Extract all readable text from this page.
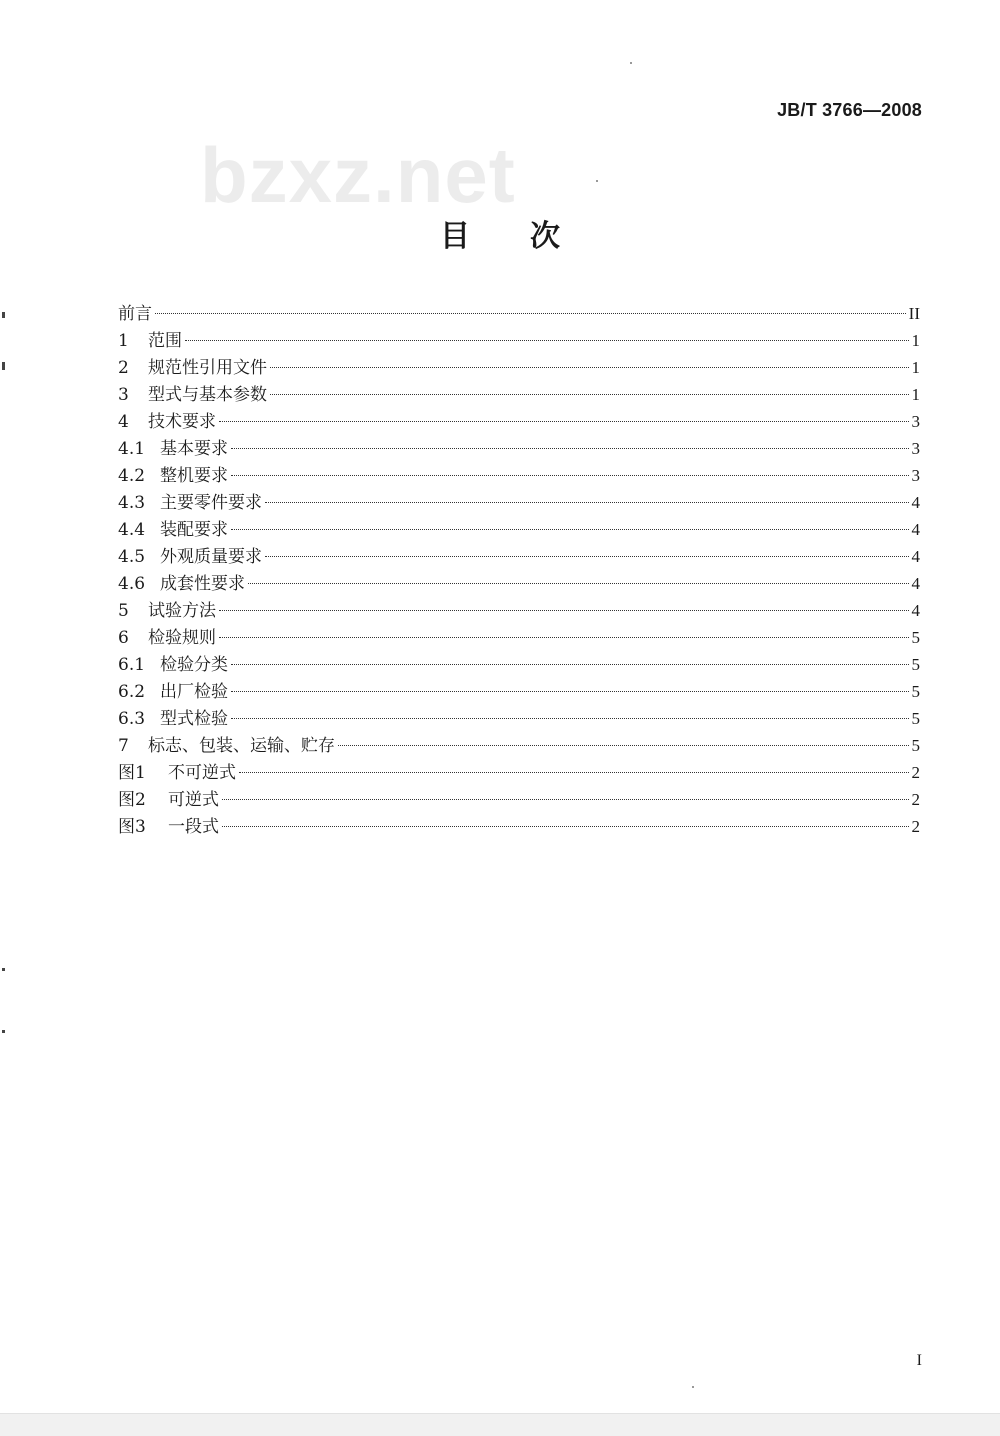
bzxz.net
JB/T 3766—2008
目　　次
前言	II
1	范围	1
2	规范性引用文件	1
3	型式与基本参数	1
4	技术要求	3
4.1 基本要求	3
4.2 整机要求	3
4.3 主要零件要求	4
4.4 装配要求	4
4.5 外观质量要求	4
4.6 成套性要求	4
5	试验方法	4
6	检验规则	5
6.1 检验分类	5
6.2 出厂检验	5
6.3 型式检验	5
7	标志、包装、运输、贮存	5
图1	不可逆式	2
图2	可逆式	2
图3	一段式	2
I
